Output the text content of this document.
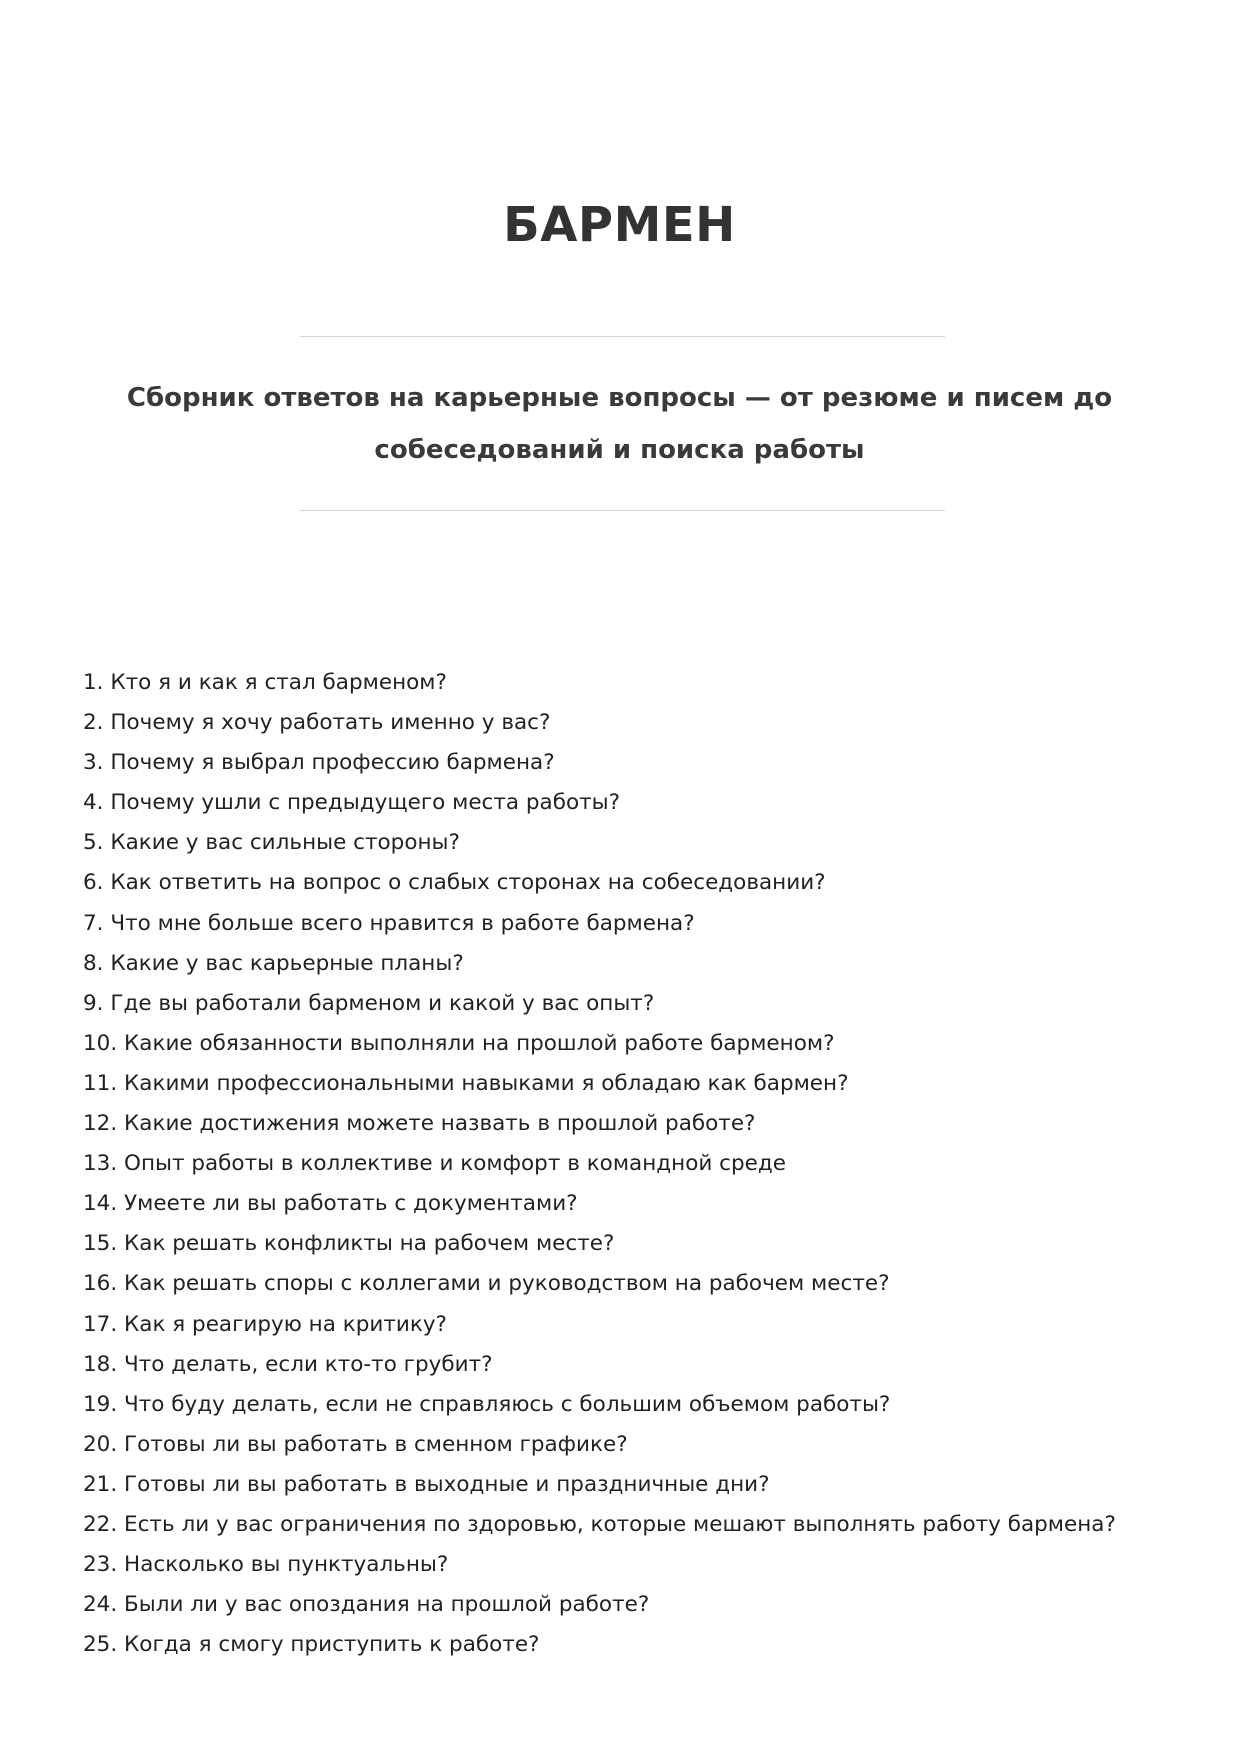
БАРМЕН

Сборник ответов на карьерные вопросы — от резюме и писем до собеседований и поиска работы

1. Кто я и как я стал барменом?
2. Почему я хочу работать именно у вас?
3. Почему я выбрал профессию бармена?
4. Почему ушли с предыдущего места работы?
5. Какие у вас сильные стороны?
6. Как ответить на вопрос о слабых сторонах на собеседовании?
7. Что мне больше всего нравится в работе бармена?
8. Какие у вас карьерные планы?
9. Где вы работали барменом и какой у вас опыт?
10. Какие обязанности выполняли на прошлой работе барменом?
11. Какими профессиональными навыками я обладаю как бармен?
12. Какие достижения можете назвать в прошлой работе?
13. Опыт работы в коллективе и комфорт в командной среде
14. Умеете ли вы работать с документами?
15. Как решать конфликты на рабочем месте?
16. Как решать споры с коллегами и руководством на рабочем месте?
17. Как я реагирую на критику?
18. Что делать, если кто-то грубит?
19. Что буду делать, если не справляюсь с большим объемом работы?
20. Готовы ли вы работать в сменном графике?
21. Готовы ли вы работать в выходные и праздничные дни?
22. Есть ли у вас ограничения по здоровью, которые мешают выполнять работу бармена?
23. Насколько вы пунктуальны?
24. Были ли у вас опоздания на прошлой работе?
25. Когда я смогу приступить к работе?
